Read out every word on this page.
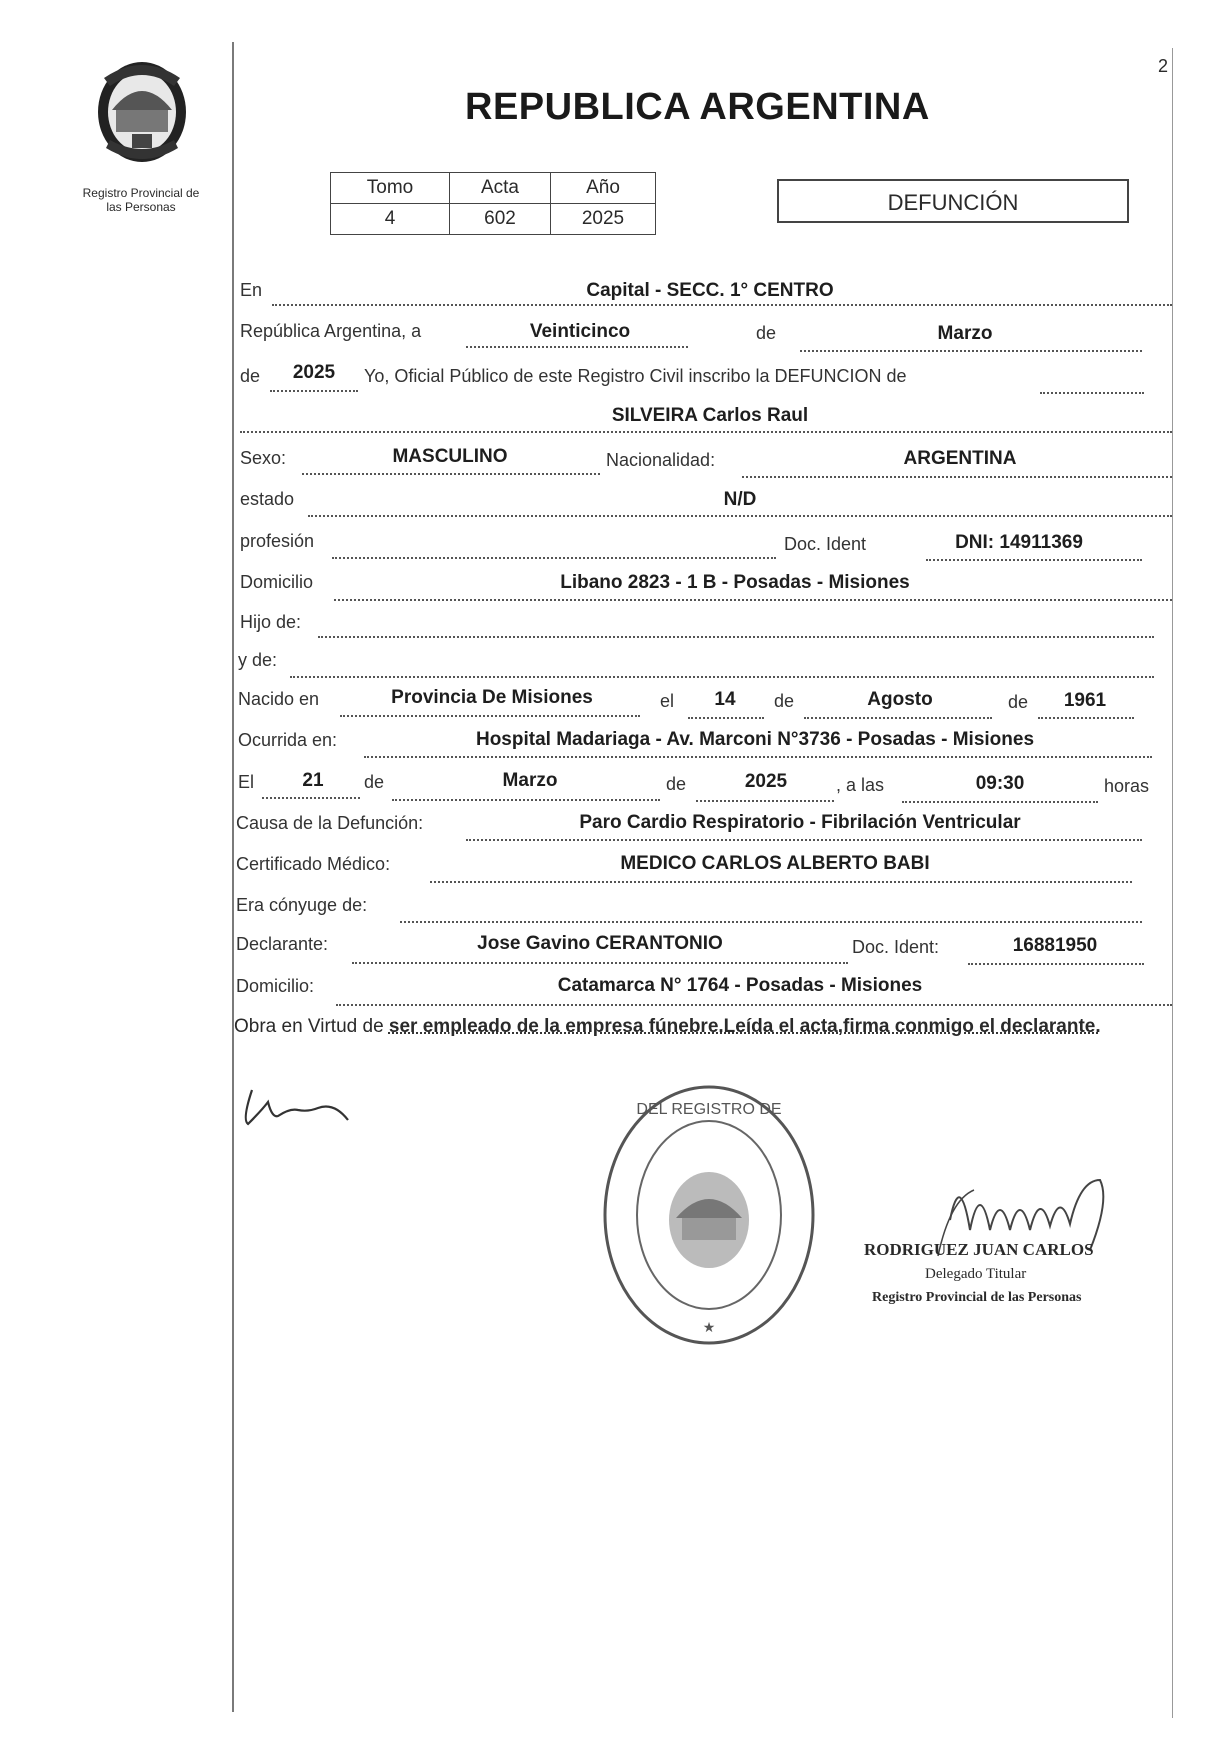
2
Registro Provincial de
las Personas
REPUBLICA ARGENTINA
Tomo	Acta	Año
4	602	2025
DEFUNCIÓN
En	Capital - SECC. 1° CENTRO
República Argentina, a	Veinticinco	de	Marzo
de	2025	Yo, Oficial Público de este Registro Civil inscribo la DEFUNCION de
SILVEIRA Carlos Raul
Sexo:	MASCULINO	Nacionalidad:	ARGENTINA
estado	N/D
profesión	Doc. Ident	DNI: 14911369
Domicilio	Libano 2823 - 1 B - Posadas - Misiones
Hijo de:
y de:
Nacido en	Provincia De Misiones	el	14	de	Agosto	de	1961
Ocurrida en:	Hospital Madariaga - Av. Marconi N°3736 - Posadas - Misiones
El	21	de	Marzo	de	2025	, a las	09:30	horas
Causa de la Defunción:	Paro Cardio Respiratorio - Fibrilación Ventricular
Certificado Médico:	MEDICO CARLOS ALBERTO BABI
Era cónyuge de:
Declarante:	Jose Gavino CERANTONIO	Doc. Ident:	16881950
Domicilio:	Catamarca N° 1764 - Posadas - Misiones
Obra en Virtud de ser empleado de la empresa fúnebre.Leída el acta,firma conmigo el declarante.
DEL REGISTRO DE
★
RODRIGUEZ JUAN CARLOS
Delegado Titular
Registro Provincial de las Personas
